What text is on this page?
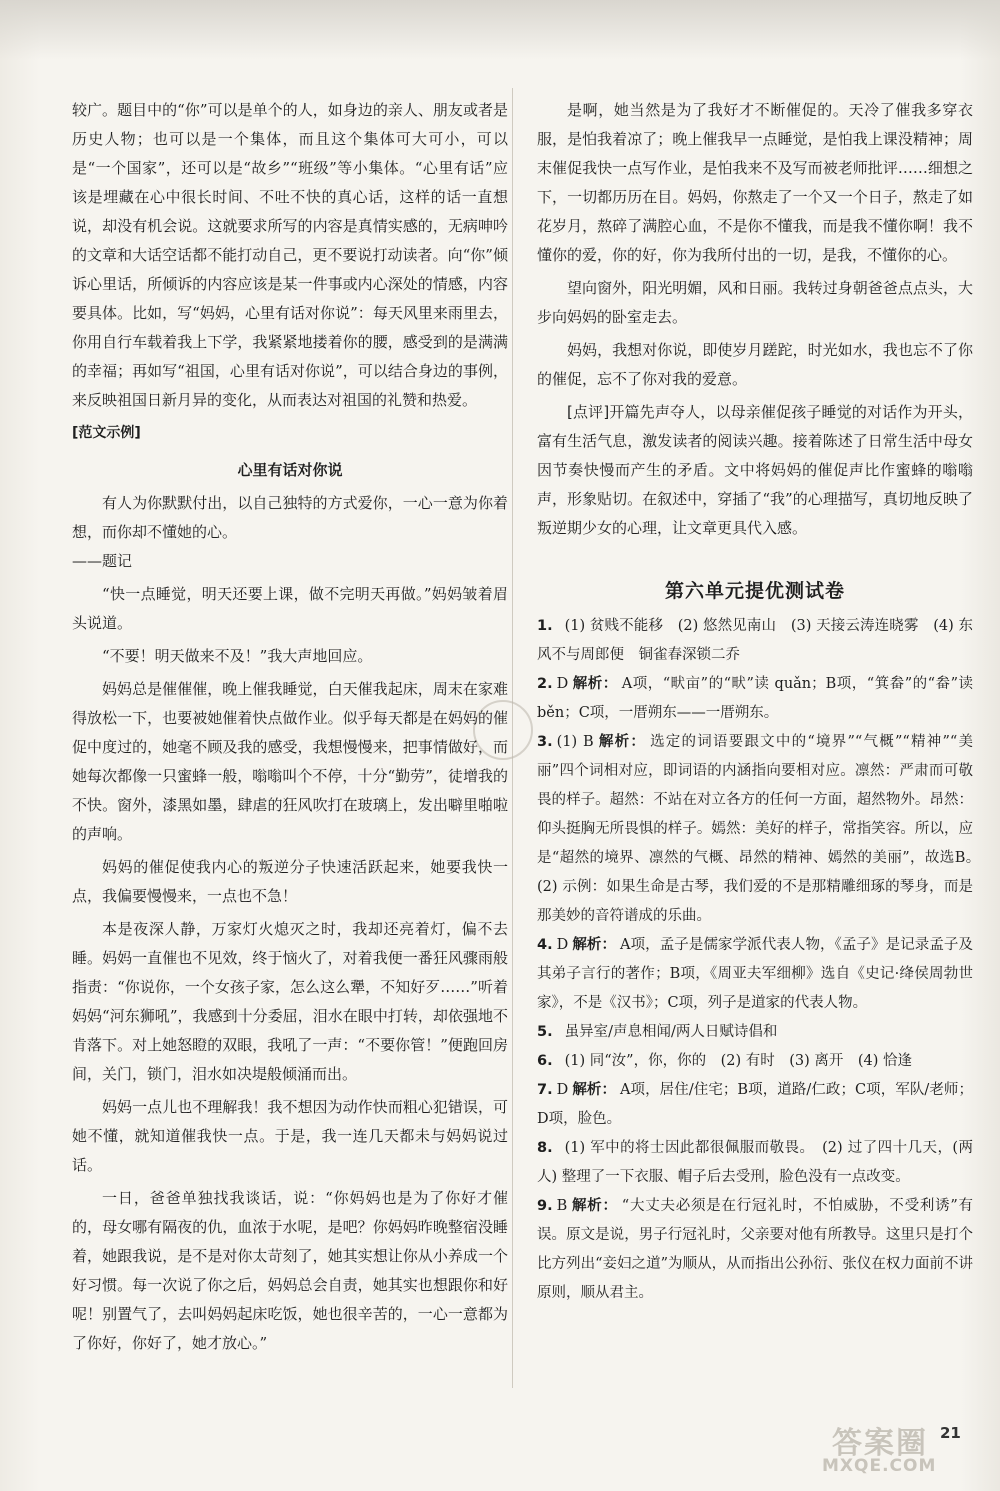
较广。题目中的“你”可以是单个的人，如身边的亲人、朋友或者是历史人物；也可以是一个集体，而且这个集体可大可小，可以是“一个国家”，还可以是“故乡”“班级”等小集体。“心里有话”应该是埋藏在心中很长时间、不吐不快的真心话，这样的话一直想说，却没有机会说。这就要求所写的内容是真情实感的，无病呻吟的文章和大话空话都不能打动自己，更不要说打动读者。向“你”倾诉心里话，所倾诉的内容应该是某一件事或内心深处的情感，内容要具体。比如，写“妈妈，心里有话对你说”：每天风里来雨里去，你用自行车载着我上下学，我紧紧地搂着你的腰，感受到的是满满的幸福；再如写“祖国，心里有话对你说”，可以结合身边的事例，来反映祖国日新月异的变化，从而表达对祖国的礼赞和热爱。

[范文示例]
心里有话对你说

有人为你默默付出，以自己独特的方式爱你，一心一意为你着想，而你却不懂她的心。

——题记

“快一点睡觉，明天还要上课，做不完明天再做。”妈妈皱着眉头说道。

“不要！明天做来不及！”我大声地回应。

妈妈总是催催催，晚上催我睡觉，白天催我起床，周末在家难得放松一下，也要被她催着快点做作业。似乎每天都是在妈妈的催促中度过的，她毫不顾及我的感受，我想慢慢来，把事情做好，而她每次都像一只蜜蜂一般，嗡嗡叫个不停，十分“勤劳”，徒增我的不快。窗外，漆黑如墨，肆虐的狂风吹打在玻璃上，发出噼里啪啦的声响。

妈妈的催促使我内心的叛逆分子快速活跃起来，她要我快一点，我偏要慢慢来，一点也不急！

本是夜深人静，万家灯火熄灭之时，我却还亮着灯，偏不去睡。妈妈一直催也不见效，终于恼火了，对着我便一番狂风骤雨般指责：“你说你，一个女孩子家，怎么这么犟，不知好歹……”听着妈妈“河东狮吼”，我感到十分委屈，泪水在眼中打转，却依强地不肯落下。对上她怒瞪的双眼，我吼了一声：“不要你管！”便跑回房间，关门，锁门，泪水如决堤般倾涌而出。

妈妈一点儿也不理解我！我不想因为动作快而粗心犯错误，可她不懂，就知道催我快一点。于是，我一连几天都未与妈妈说过话。

一日，爸爸单独找我谈话，说：“你妈妈也是为了你好才催的，母女哪有隔夜的仇，血浓于水呢，是吧？你妈妈昨晚整宿没睡着，她跟我说，是不是对你太苛刻了，她其实想让你从小养成一个好习惯。每一次说了你之后，妈妈总会自责，她其实也想跟你和好呢！别置气了，去叫妈妈起床吃饭，她也很辛苦的，一心一意都为了你好，你好了，她才放心。”

是啊，她当然是为了我好才不断催促的。天冷了催我多穿衣服，是怕我着凉了；晚上催我早一点睡觉，是怕我上课没精神；周末催促我快一点写作业，是怕我来不及写而被老师批评……细想之下，一切都历历在目。妈妈，你熬走了一个又一个日子，熬走了如花岁月，熬碎了满腔心血，不是你不懂我，而是我不懂你啊！我不懂你的爱，你的好，你为我所付出的一切，是我，不懂你的心。

望向窗外，阳光明媚，风和日丽。我转过身朝爸爸点点头，大步向妈妈的卧室走去。

妈妈，我想对你说，即使岁月蹉跎，时光如水，我也忘不了你的催促，忘不了你对我的爱意。

[点评]开篇先声夺人，以母亲催促孩子睡觉的对话作为开头，富有生活气息，激发读者的阅读兴趣。接着陈述了日常生活中母女因节奏快慢而产生的矛盾。文中将妈妈的催促声比作蜜蜂的嗡嗡声，形象贴切。在叙述中，穿插了“我”的心理描写，真切地反映了叛逆期少女的心理，让文章更具代入感。

第六单元提优测试卷

1. (1) 贫贱不能移　(2) 悠然见南山　(3) 天接云涛连晓雾　(4) 东风不与周郎便　铜雀春深锁二乔

2. D 解析： A项，“畎亩”的“畎”读 quǎn；B项，“箕畚”的“畚”读 běn；C项，一厝朔东——一厝朔东。

3. (1) B 解析： 选定的词语要跟文中的“境界”“气概”“精神”“美丽”四个词相对应，即词语的内涵指向要相对应。凛然：严肃而可敬畏的样子。超然：不站在对立各方的任何一方面，超然物外。昂然：仰头挺胸无所畏惧的样子。嫣然：美好的样子，常指笑容。所以，应是“超然的境界、凛然的气概、昂然的精神、嫣然的美丽”，故选B。　(2) 示例：如果生命是古琴，我们爱的不是那精雕细琢的琴身，而是那美妙的音符谱成的乐曲。

4. D 解析： A项，孟子是儒家学派代表人物，《孟子》是记录孟子及其弟子言行的著作；B项，《周亚夫军细柳》选自《史记·绛侯周勃世家》，不是《汉书》；C项，列子是道家的代表人物。

5. 虽异室/声息相闻/两人日赋诗倡和

6. (1) 同“汝”，你，你的　(2) 有时　(3) 离开　(4) 恰逢

7. D 解析： A项，居住/住宅；B项，道路/仁政；C项，军队/老师；D项，脸色。

8. (1) 军中的将士因此都很佩服而敬畏。　(2) 过了四十几天，(两人) 整理了一下衣服、帽子后去受刑，脸色没有一点改变。

9. B 解析： “大丈夫必须是在行冠礼时，不怕威胁，不受利诱”有误。原文是说，男子行冠礼时，父亲要对他有所教导。这里只是打个比方列出“妾妇之道”为顺从，从而指出公孙衍、张仪在权力面前不讲原则，顺从君主。

21
答案圈
MXQE.COM
